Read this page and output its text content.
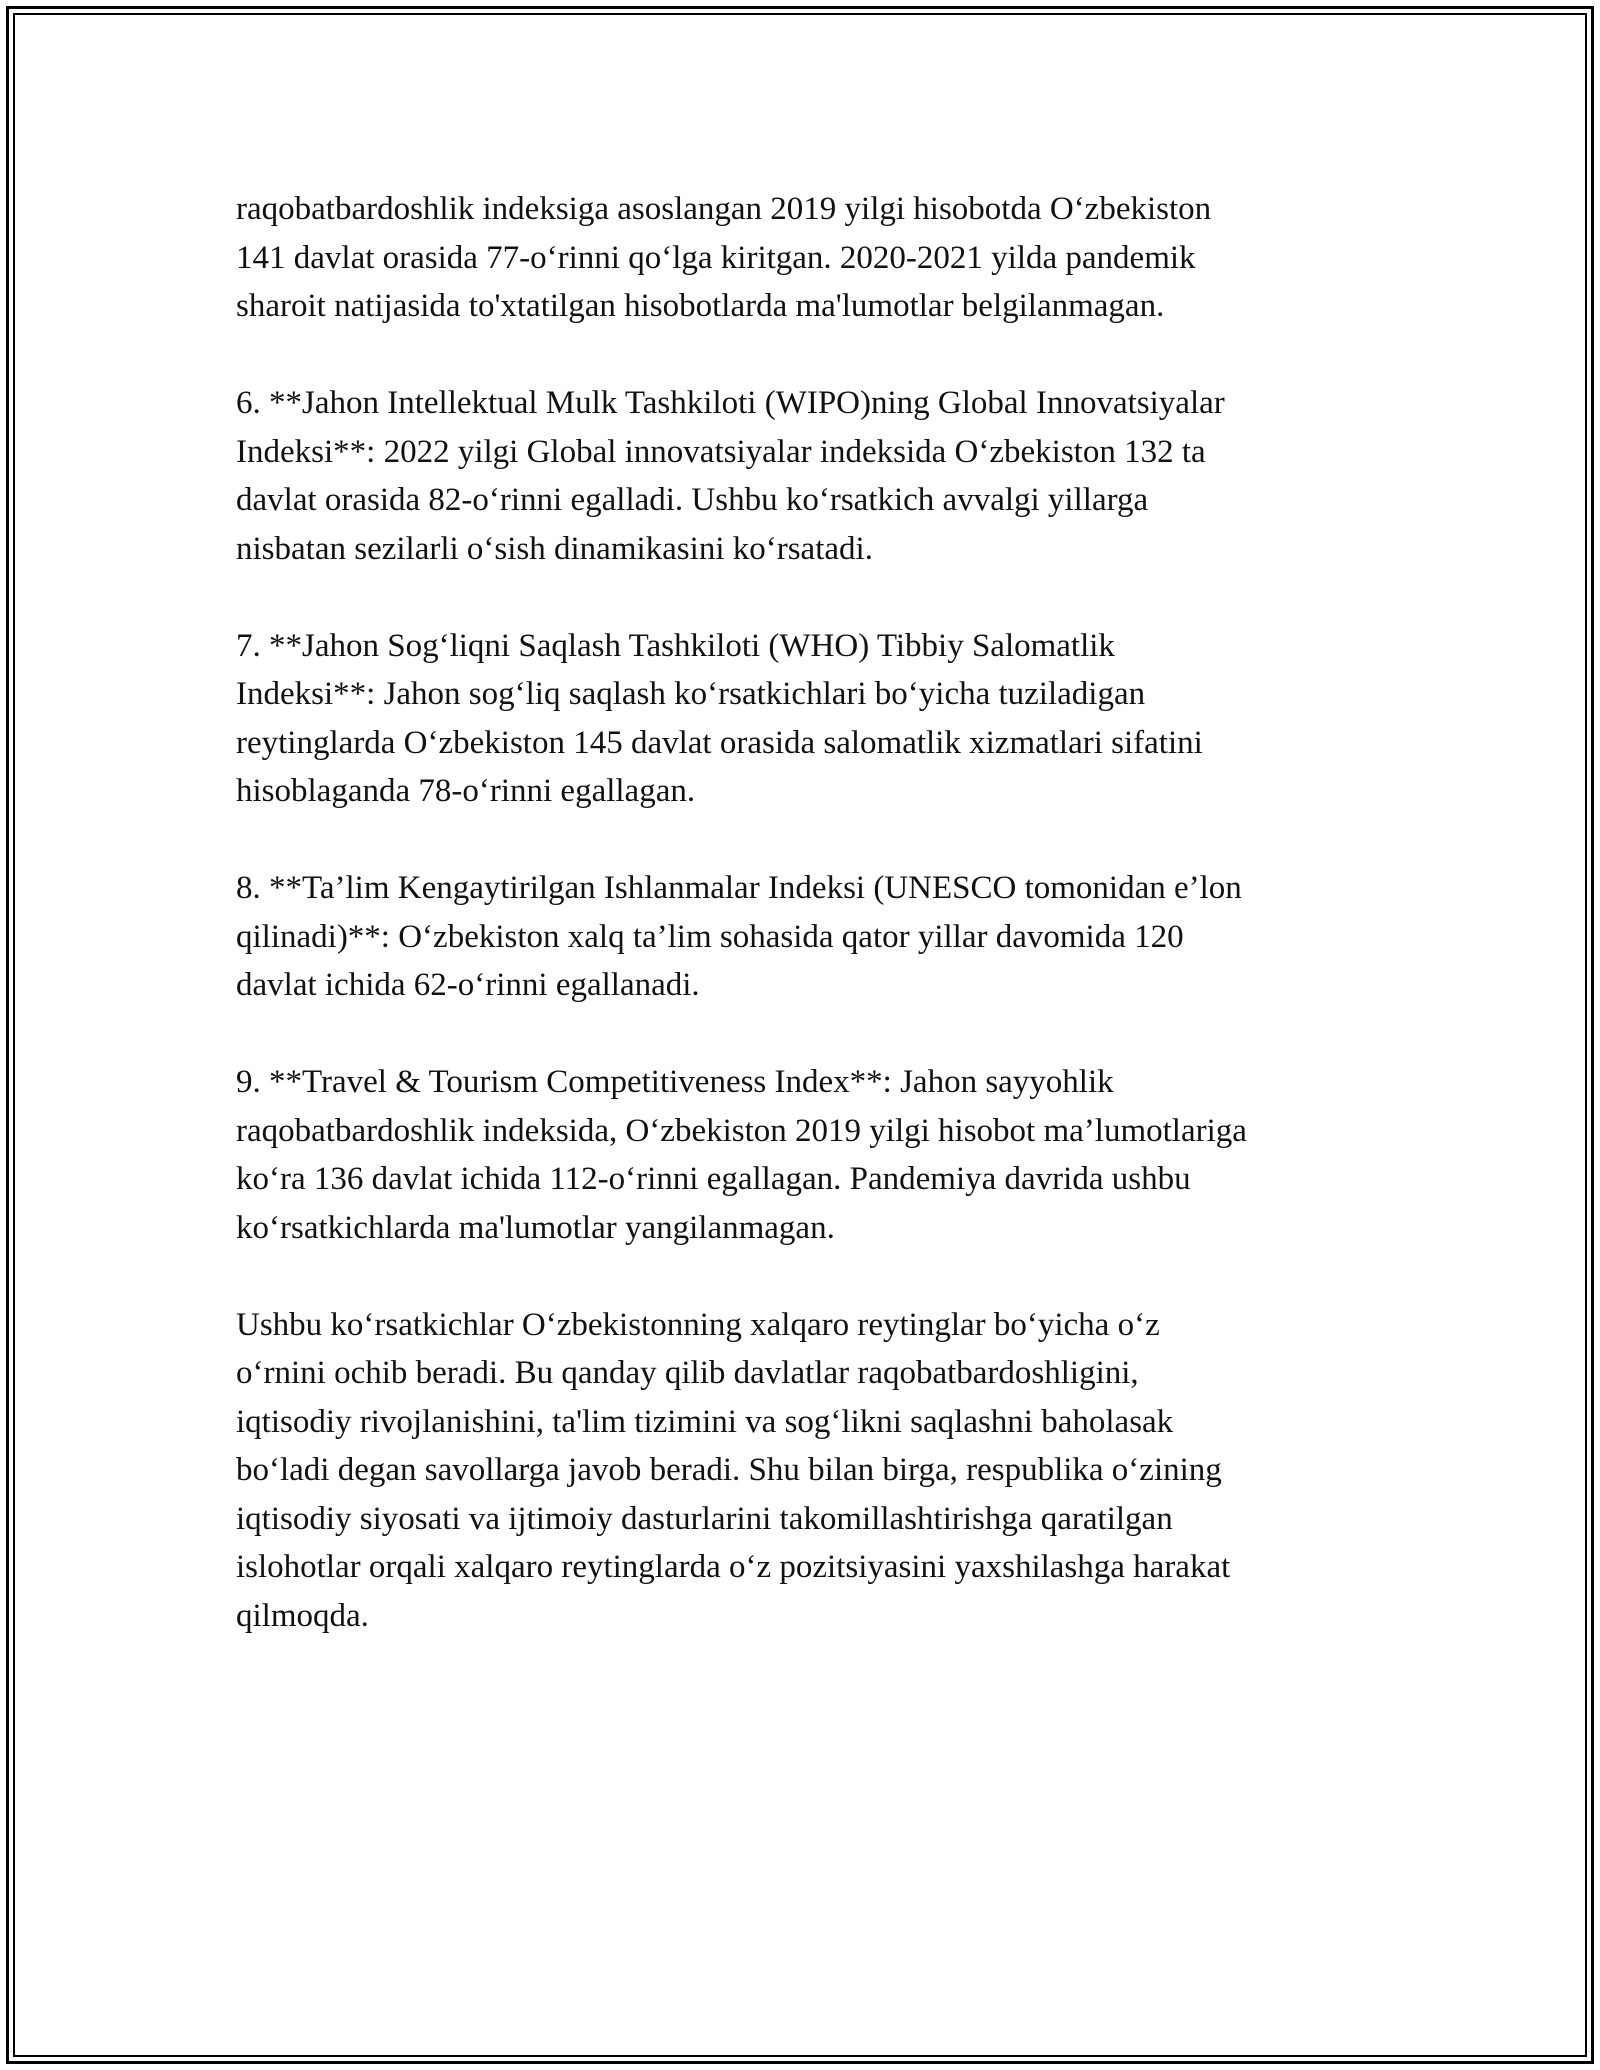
raqobatbardoshlik indeksiga asoslangan 2019 yilgi hisobotda O‘zbekiston
141 davlat orasida 77-o‘rinni qo‘lga kiritgan. 2020-2021 yilda pandemik
sharoit natijasida to'xtatilgan hisobotlarda ma'lumotlar belgilanmagan.

6. **Jahon Intellektual Mulk Tashkiloti (WIPO)ning Global Innovatsiyalar
Indeksi**: 2022 yilgi Global innovatsiyalar indeksida O‘zbekiston 132 ta
davlat orasida 82-o‘rinni egalladi. Ushbu ko‘rsatkich avvalgi yillarga
nisbatan sezilarli o‘sish dinamikasini ko‘rsatadi.

7. **Jahon Sog‘liqni Saqlash Tashkiloti (WHO) Tibbiy Salomatlik
Indeksi**: Jahon sog‘liq saqlash ko‘rsatkichlari bo‘yicha tuziladigan
reytinglarda O‘zbekiston 145 davlat orasida salomatlik xizmatlari sifatini
hisoblaganda 78-o‘rinni egallagan.

8. **Ta’lim Kengaytirilgan Ishlanmalar Indeksi (UNESCO tomonidan e’lon
qilinadi)**: O‘zbekiston xalq ta’lim sohasida qator yillar davomida 120
davlat ichida 62-o‘rinni egallanadi.

9. **Travel & Tourism Competitiveness Index**: Jahon sayyohlik
raqobatbardoshlik indeksida, O‘zbekiston 2019 yilgi hisobot ma’lumotlariga
ko‘ra 136 davlat ichida 112-o‘rinni egallagan. Pandemiya davrida ushbu
ko‘rsatkichlarda ma'lumotlar yangilanmagan.

Ushbu ko‘rsatkichlar O‘zbekistonning xalqaro reytinglar bo‘yicha o‘z
o‘rnini ochib beradi. Bu qanday qilib davlatlar raqobatbardoshligini,
iqtisodiy rivojlanishini, ta'lim tizimini va sog‘likni saqlashni baholasak
bo‘ladi degan savollarga javob beradi. Shu bilan birga, respublika o‘zining
iqtisodiy siyosati va ijtimoiy dasturlarini takomillashtirishga qaratilgan
islohotlar orqali xalqaro reytinglarda o‘z pozitsiyasini yaxshilashga harakat
qilmoqda.
